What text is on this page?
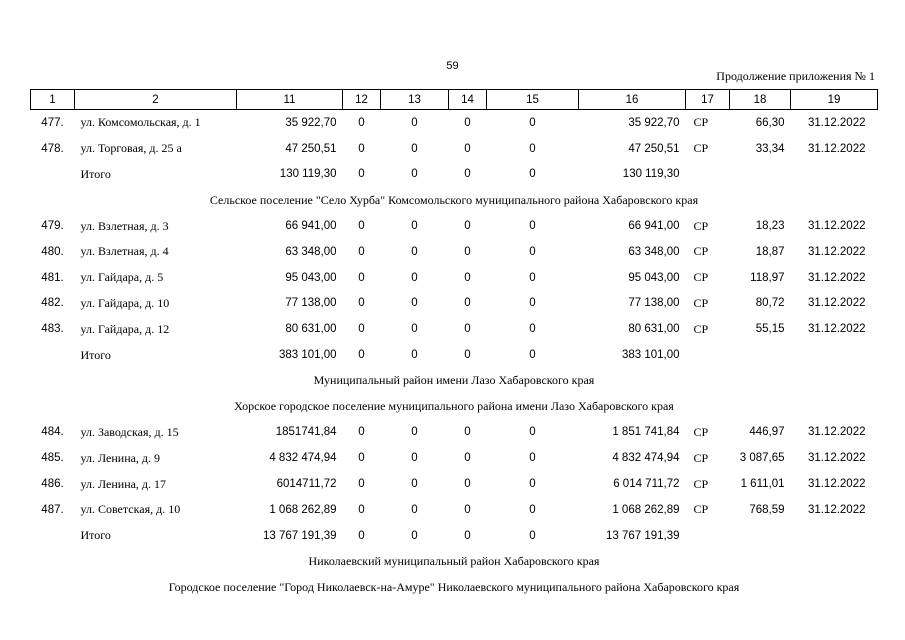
59
Продолжение приложения № 1
1	2	11	12	13	14	15	16	17	18	19
477.	ул. Комсомольская, д. 1	35 922,70	0	0	0	0	35 922,70	СР	66,30	31.12.2022
478.	ул. Торговая, д. 25 а	47 250,51	0	0	0	0	47 250,51	СР	33,34	31.12.2022
	Итого	130 119,30	0	0	0	0	130 119,30			
Сельское поселение "Село Хурба" Комсомольского муниципального района Хабаровского края										
479.	ул. Взлетная, д. 3	66 941,00	0	0	0	0	66 941,00	СР	18,23	31.12.2022
480.	ул. Взлетная, д. 4	63 348,00	0	0	0	0	63 348,00	СР	18,87	31.12.2022
481.	ул. Гайдара, д. 5	95 043,00	0	0	0	0	95 043,00	СР	118,97	31.12.2022
482.	ул. Гайдара, д. 10	77 138,00	0	0	0	0	77 138,00	СР	80,72	31.12.2022
483.	ул. Гайдара, д. 12	80 631,00	0	0	0	0	80 631,00	СР	55,15	31.12.2022
	Итого	383 101,00	0	0	0	0	383 101,00			
Муниципальный район имени Лазо Хабаровского края										
Хорское городское поселение муниципального района имени Лазо Хабаровского края										
484.	ул. Заводская, д. 15	1851741,84	0	0	0	0	1 851 741,84	СР	446,97	31.12.2022
485.	ул. Ленина, д. 9	4 832 474,94	0	0	0	0	4 832 474,94	СР	3 087,65	31.12.2022
486.	ул. Ленина, д. 17	6014711,72	0	0	0	0	6 014 711,72	СР	1 611,01	31.12.2022
487.	ул. Советская, д. 10	1 068 262,89	0	0	0	0	1 068 262,89	СР	768,59	31.12.2022
	Итого	13 767 191,39	0	0	0	0	13 767 191,39			
Николаевский муниципальный район Хабаровского края										
Городское поселение "Город Николаевск-на-Амуре" Николаевского муниципального района Хабаровского края										
